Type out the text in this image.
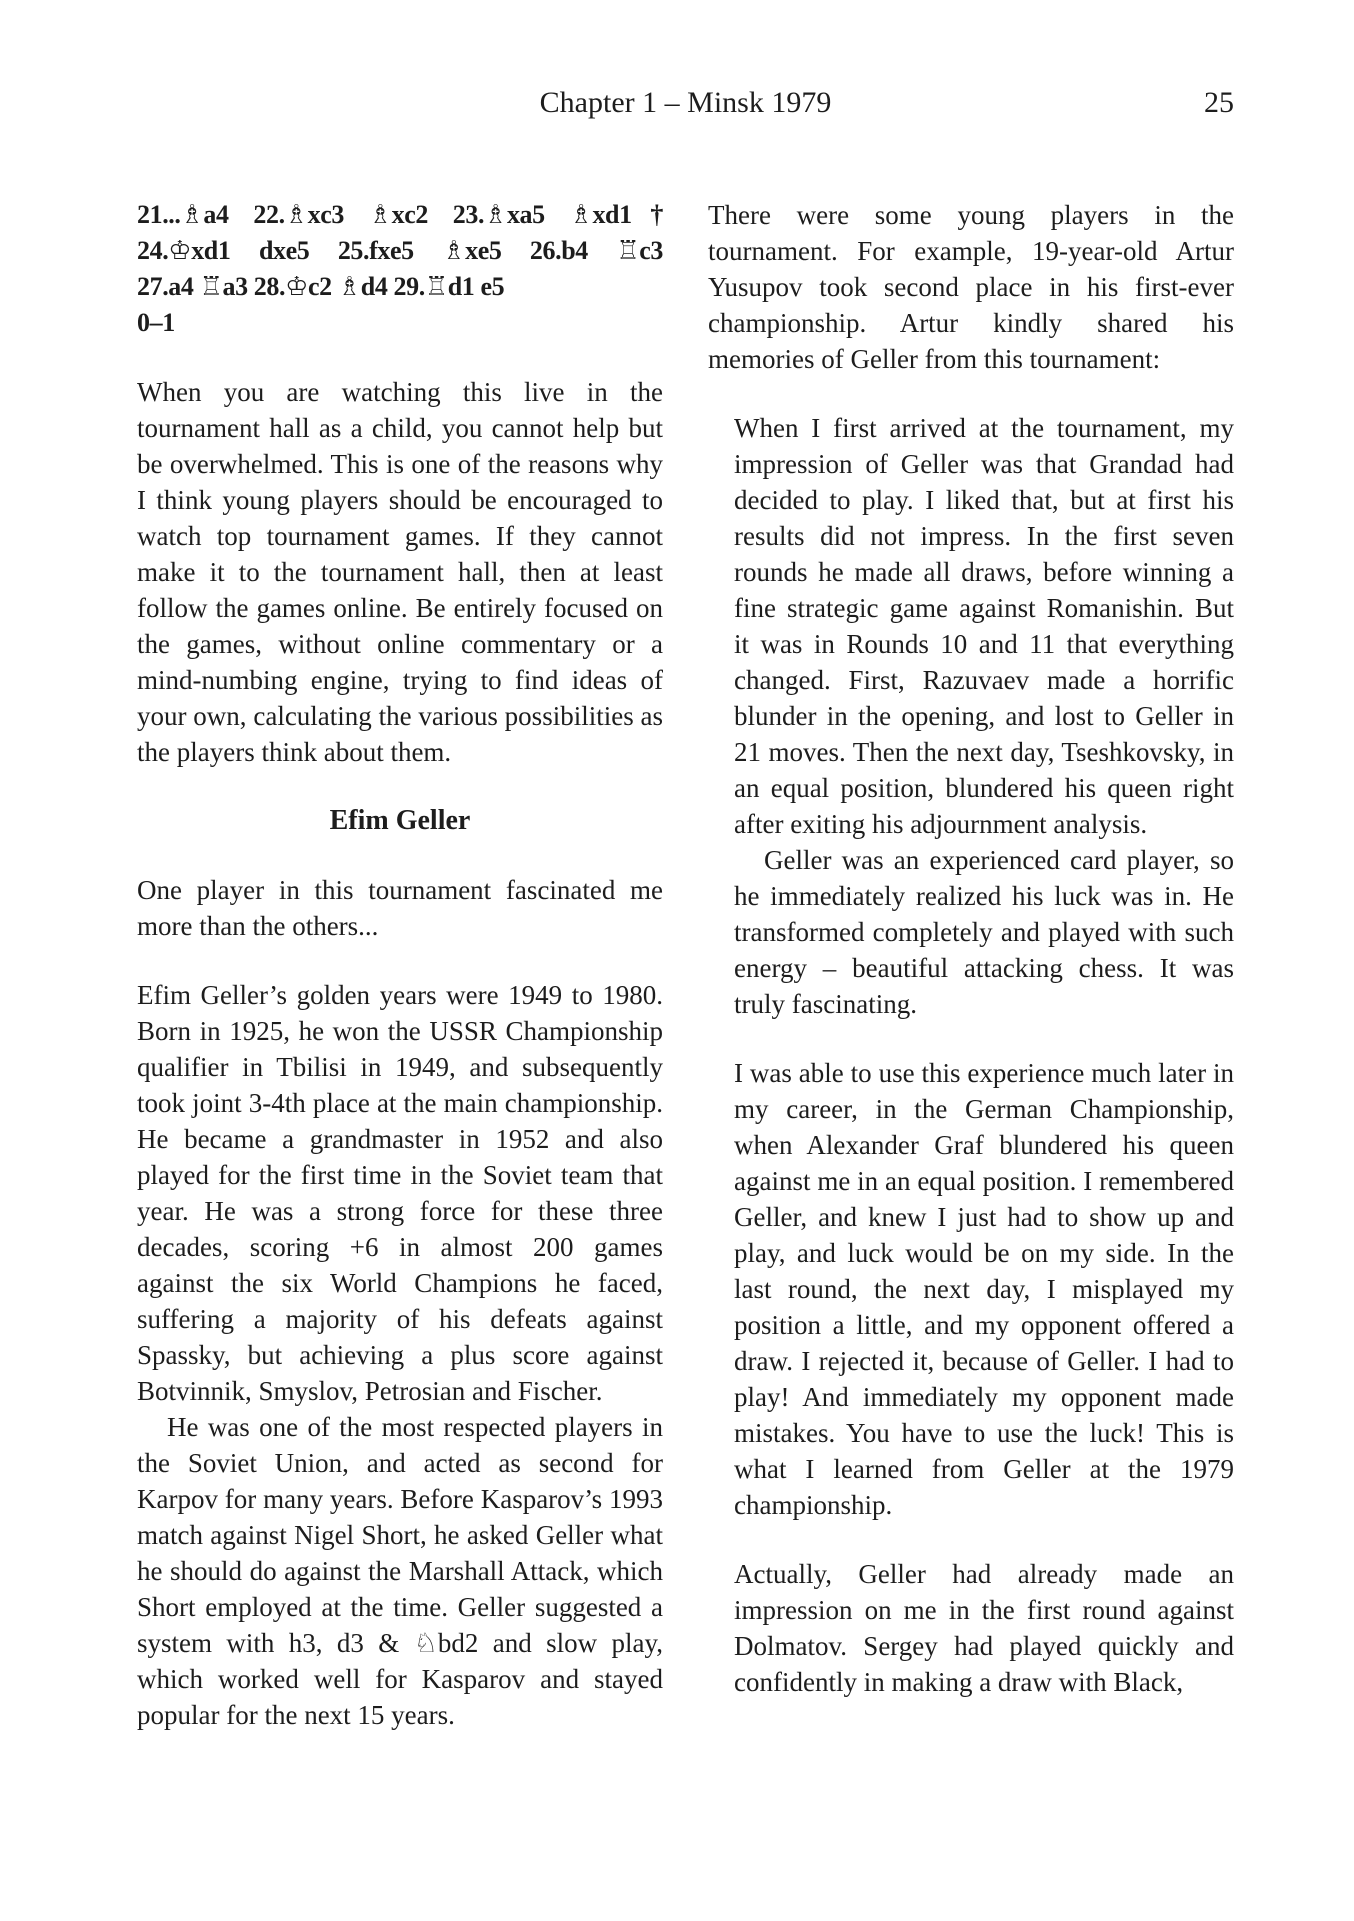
Chapter 1 – Minsk 1979	25
21...♗a4 22.♗xc3 ♗xc2 23.♗xa5 ♗xd1†
24.♔xd1 dxe5 25.fxe5 ♗xe5 26.b4 ♖c3
27.a4 ♖a3 28.♔c2 ♗d4 29.♖d1 e5
0–1

When you are watching this live in the tournament hall as a child, you cannot help but be overwhelmed. This is one of the reasons why I think young players should be encouraged to watch top tournament games. If they cannot make it to the tournament hall, then at least follow the games online. Be entirely focused on the games, without online commentary or a mind-numbing engine, trying to find ideas of your own, calculating the various possibilities as the players think about them.

Efim Geller

One player in this tournament fascinated me more than the others...

Efim Geller’s golden years were 1949 to 1980. Born in 1925, he won the USSR Championship qualifier in Tbilisi in 1949, and subsequently took joint 3-4th place at the main championship. He became a grandmaster in 1952 and also played for the first time in the Soviet team that year. He was a strong force for these three decades, scoring +6 in almost 200 games against the six World Champions he faced, suffering a majority of his defeats against Spassky, but achieving a plus score against Botvinnik, Smyslov, Petrosian and Fischer.

He was one of the most respected players in the Soviet Union, and acted as second for Karpov for many years. Before Kasparov’s 1993 match against Nigel Short, he asked Geller what he should do against the Marshall Attack, which Short employed at the time. Geller suggested a system with h3, d3 & ♘bd2 and slow play, which worked well for Kasparov and stayed popular for the next 15 years.

There were some young players in the tournament. For example, 19-year-old Artur Yusupov took second place in his first-ever championship. Artur kindly shared his memories of Geller from this tournament:

When I first arrived at the tournament, my impression of Geller was that Grandad had decided to play. I liked that, but at first his results did not impress. In the first seven rounds he made all draws, before winning a fine strategic game against Romanishin. But it was in Rounds 10 and 11 that everything changed. First, Razuvaev made a horrific blunder in the opening, and lost to Geller in 21 moves. Then the next day, Tseshkovsky, in an equal position, blundered his queen right after exiting his adjournment analysis.

Geller was an experienced card player, so he immediately realized his luck was in. He transformed completely and played with such energy – beautiful attacking chess. It was truly fascinating.

I was able to use this experience much later in my career, in the German Championship, when Alexander Graf blundered his queen against me in an equal position. I remembered Geller, and knew I just had to show up and play, and luck would be on my side. In the last round, the next day, I misplayed my position a little, and my opponent offered a draw. I rejected it, because of Geller. I had to play! And immediately my opponent made mistakes. You have to use the luck! This is what I learned from Geller at the 1979 championship.

Actually, Geller had already made an impression on me in the first round against Dolmatov. Sergey had played quickly and confidently in making a draw with Black,
